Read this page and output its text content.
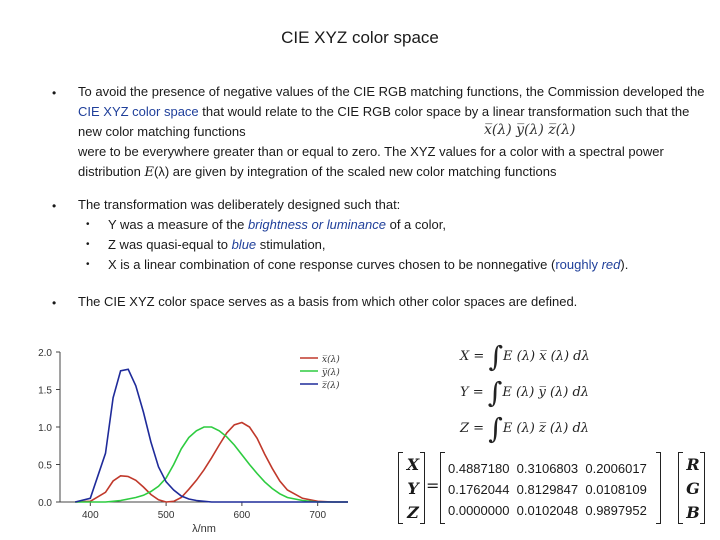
CIE XYZ color space
• To avoid the presence of negative values of the CIE RGB matching functions, the Commission developed the CIE XYZ color space that would relate to the CIE RGB color space by a linear transformation such that the new color matching functions
were to be everywhere greater than or equal to zero. The XYZ values for a color with a spectral power distribution E(λ) are given by integration of the scaled new color matching functions
x̅(λ) y̅(λ) z̅(λ)
• The transformation was deliberately designed such that:
• Y was a measure of the brightness or luminance of a color,
• Z was quasi-equal to blue stimulation,
• X is a linear combination of cone response curves chosen to be nonnegative (roughly red).
• The CIE XYZ color space serves as a basis from which other color spaces are defined.
0.0
0.5
1.0
1.5
2.0
400	500	600	700
λ/nm
x̅(λ)
y̅(λ)
z̅(λ)
X = ∫E (λ) x̅ (λ) dλ
Y = ∫E (λ) y̅ (λ) dλ
Z = ∫E (λ) z̅ (λ) dλ
X
Y
Z
=
0.4887180  0.3106803  0.2006017
0.1762044  0.8129847  0.0108109
0.0000000  0.0102048  0.9897952
R
G
B
